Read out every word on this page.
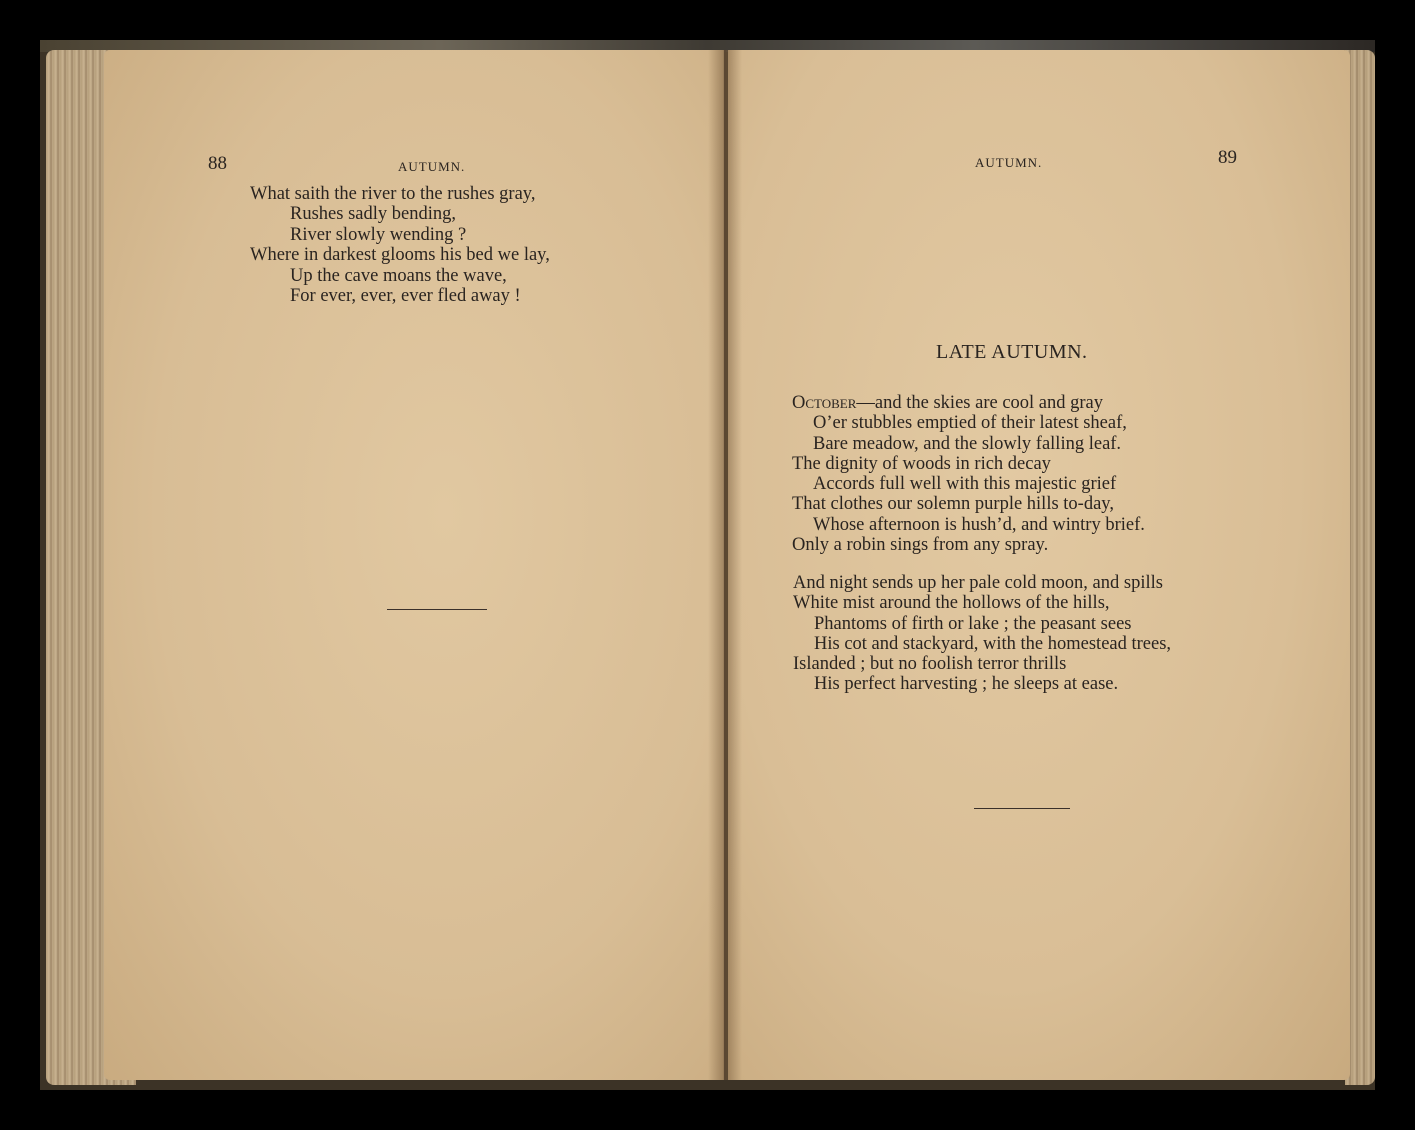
88	AUTUMN.
What saith the river to the rushes gray,
Rushes sadly bending,
River slowly wending ?
Where in darkest glooms his bed we lay,
Up the cave moans the wave,
For ever, ever, ever fled away !
AUTUMN.	89
LATE AUTUMN.
October—and the skies are cool and gray
O’er stubbles emptied of their latest sheaf,
Bare meadow, and the slowly falling leaf.
The dignity of woods in rich decay
Accords full well with this majestic grief
That clothes our solemn purple hills to-day,
Whose afternoon is hush’d, and wintry brief.
Only a robin sings from any spray.
And night sends up her pale cold moon, and spills
White mist around the hollows of the hills,
Phantoms of firth or lake ; the peasant sees
His cot and stackyard, with the homestead trees,
Islanded ; but no foolish terror thrills
His perfect harvesting ; he sleeps at ease.
